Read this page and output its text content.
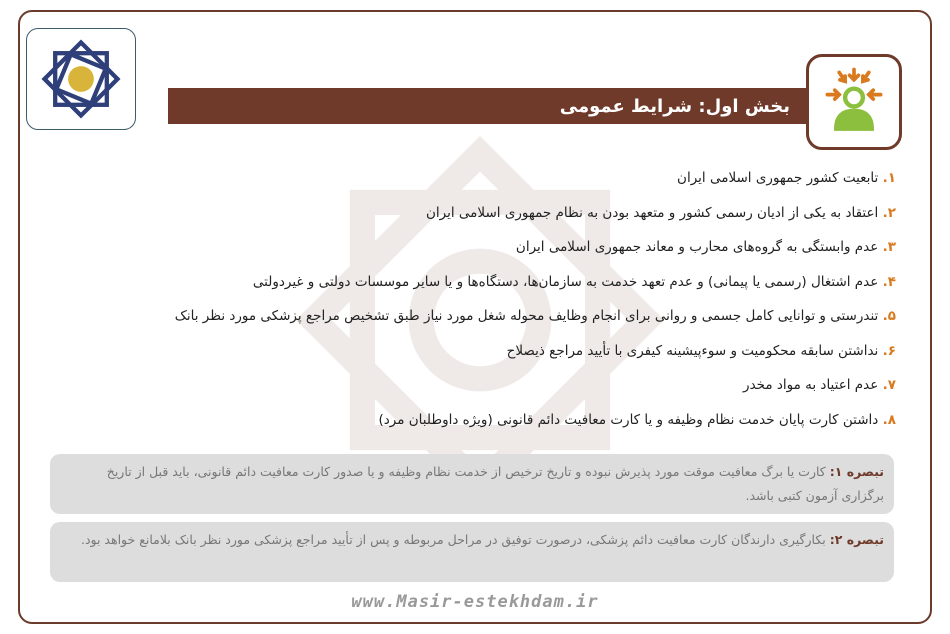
بخش اول: شرایط عمومی
۱. تابعیت کشور جمهوری اسلامی ایران
۲. اعتقاد به یکی از ادیان رسمی کشور و متعهد بودن به نظام جمهوری اسلامی ایران
۳. عدم وابستگی به گروه‌های محارب و معاند جمهوری اسلامی ایران
۴. عدم اشتغال (رسمی یا پیمانی) و عدم تعهد خدمت به سازمان‌ها، دستگاه‌ها و یا سایر موسسات دولتی و غیردولتی
۵. تندرستی و توانایی کامل جسمی و روانی برای انجام وظایف محوله شغل مورد نیاز طبق تشخیص مراجع پزشکی مورد نظر بانک
۶. نداشتن سابقه محکومیت و سوءپیشینه کیفری با تأیید مراجع ذیصلاح
۷. عدم اعتیاد به مواد مخدر
۸. داشتن کارت پایان خدمت نظام وظیفه و یا کارت معافیت دائم قانونی (ویژه داوطلبان مرد)
تبصره ۱: کارت یا برگ معافیت موقت مورد پذیرش نبوده و تاریخ ترخیص از خدمت نظام وظیفه و یا صدور کارت معافیت دائم قانونی، باید قبل از تاریخ برگزاری آزمون کتبی باشد.
تبصره ۲: بکارگیری دارندگان کارت معافیت دائم پزشکی، درصورت توفیق در مراحل مربوطه و پس از تأیید مراجع پزشکی مورد نظر بانک بلامانع خواهد بود.
www.Masir-estekhdam.ir
